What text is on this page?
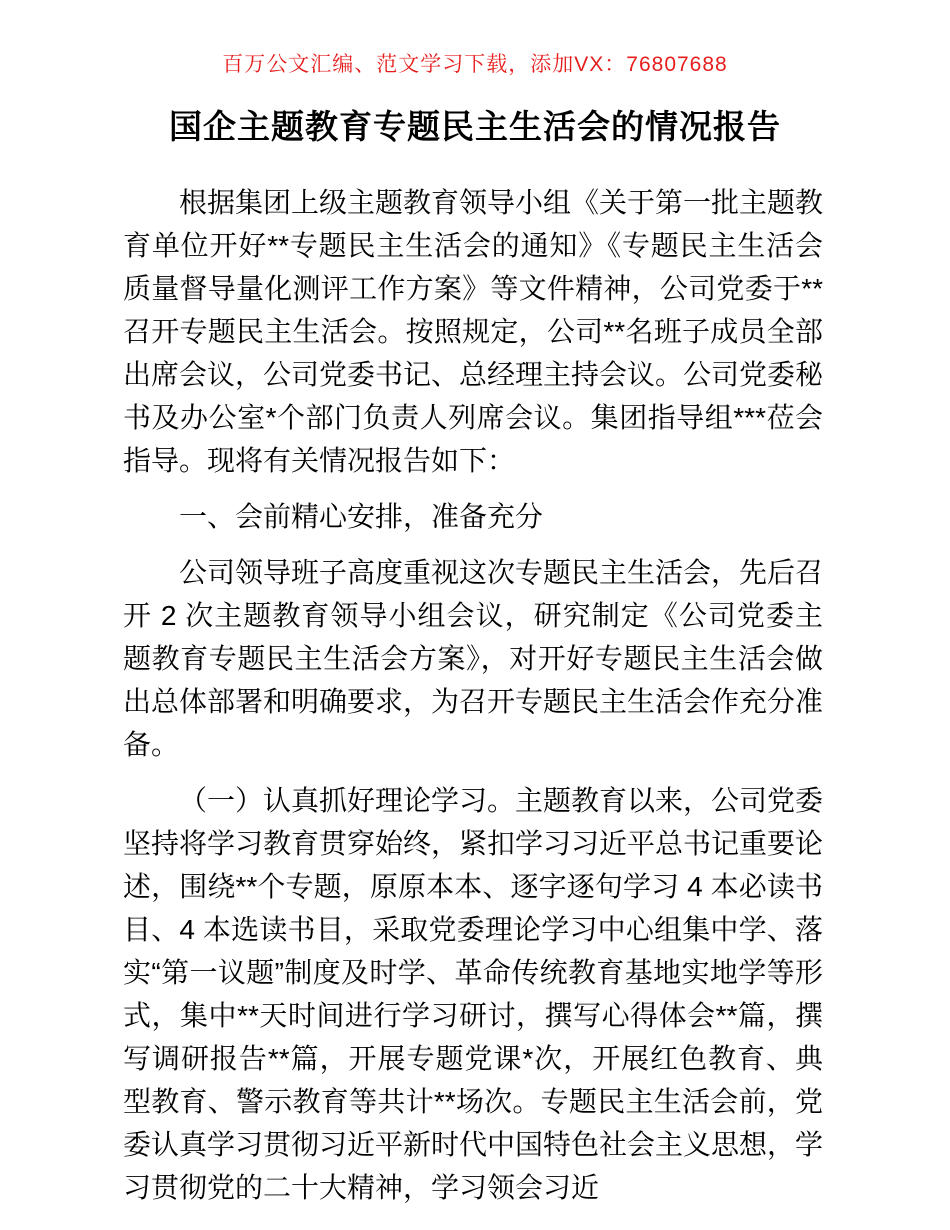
百万公文汇编、范文学习下载，添加VX：76807688
国企主题教育专题民主生活会的情况报告

根据集团上级主题教育领导小组《关于第一批主题教育单位开好**专题民主生活会的通知》《专题民主生活会质量督导量化测评工作方案》等文件精神，公司党委于**召开专题民主生活会。按照规定，公司**名班子成员全部出席会议，公司党委书记、总经理主持会议。公司党委秘书及办公室*个部门负责人列席会议。集团指导组***莅会指导。现将有关情况报告如下：

一、会前精心安排，准备充分

公司领导班子高度重视这次专题民主生活会，先后召开 2 次主题教育领导小组会议，研究制定《公司党委主题教育专题民主生活会方案》，对开好专题民主生活会做出总体部署和明确要求，为召开专题民主生活会作充分准备。

（一）认真抓好理论学习。主题教育以来，公司党委坚持将学习教育贯穿始终，紧扣学习习近平总书记重要论述，围绕**个专题，原原本本、逐字逐句学习 4 本必读书目、4 本选读书目，采取党委理论学习中心组集中学、落实“第一议题”制度及时学、革命传统教育基地实地学等形式，集中**天时间进行学习研讨，撰写心得体会**篇，撰写调研报告**篇，开展专题党课*次，开展红色教育、典型教育、警示教育等共计**场次。专题民主生活会前，党委认真学习贯彻习近平新时代中国特色社会主义思想，学习贯彻党的二十大精神，学习领会习近
